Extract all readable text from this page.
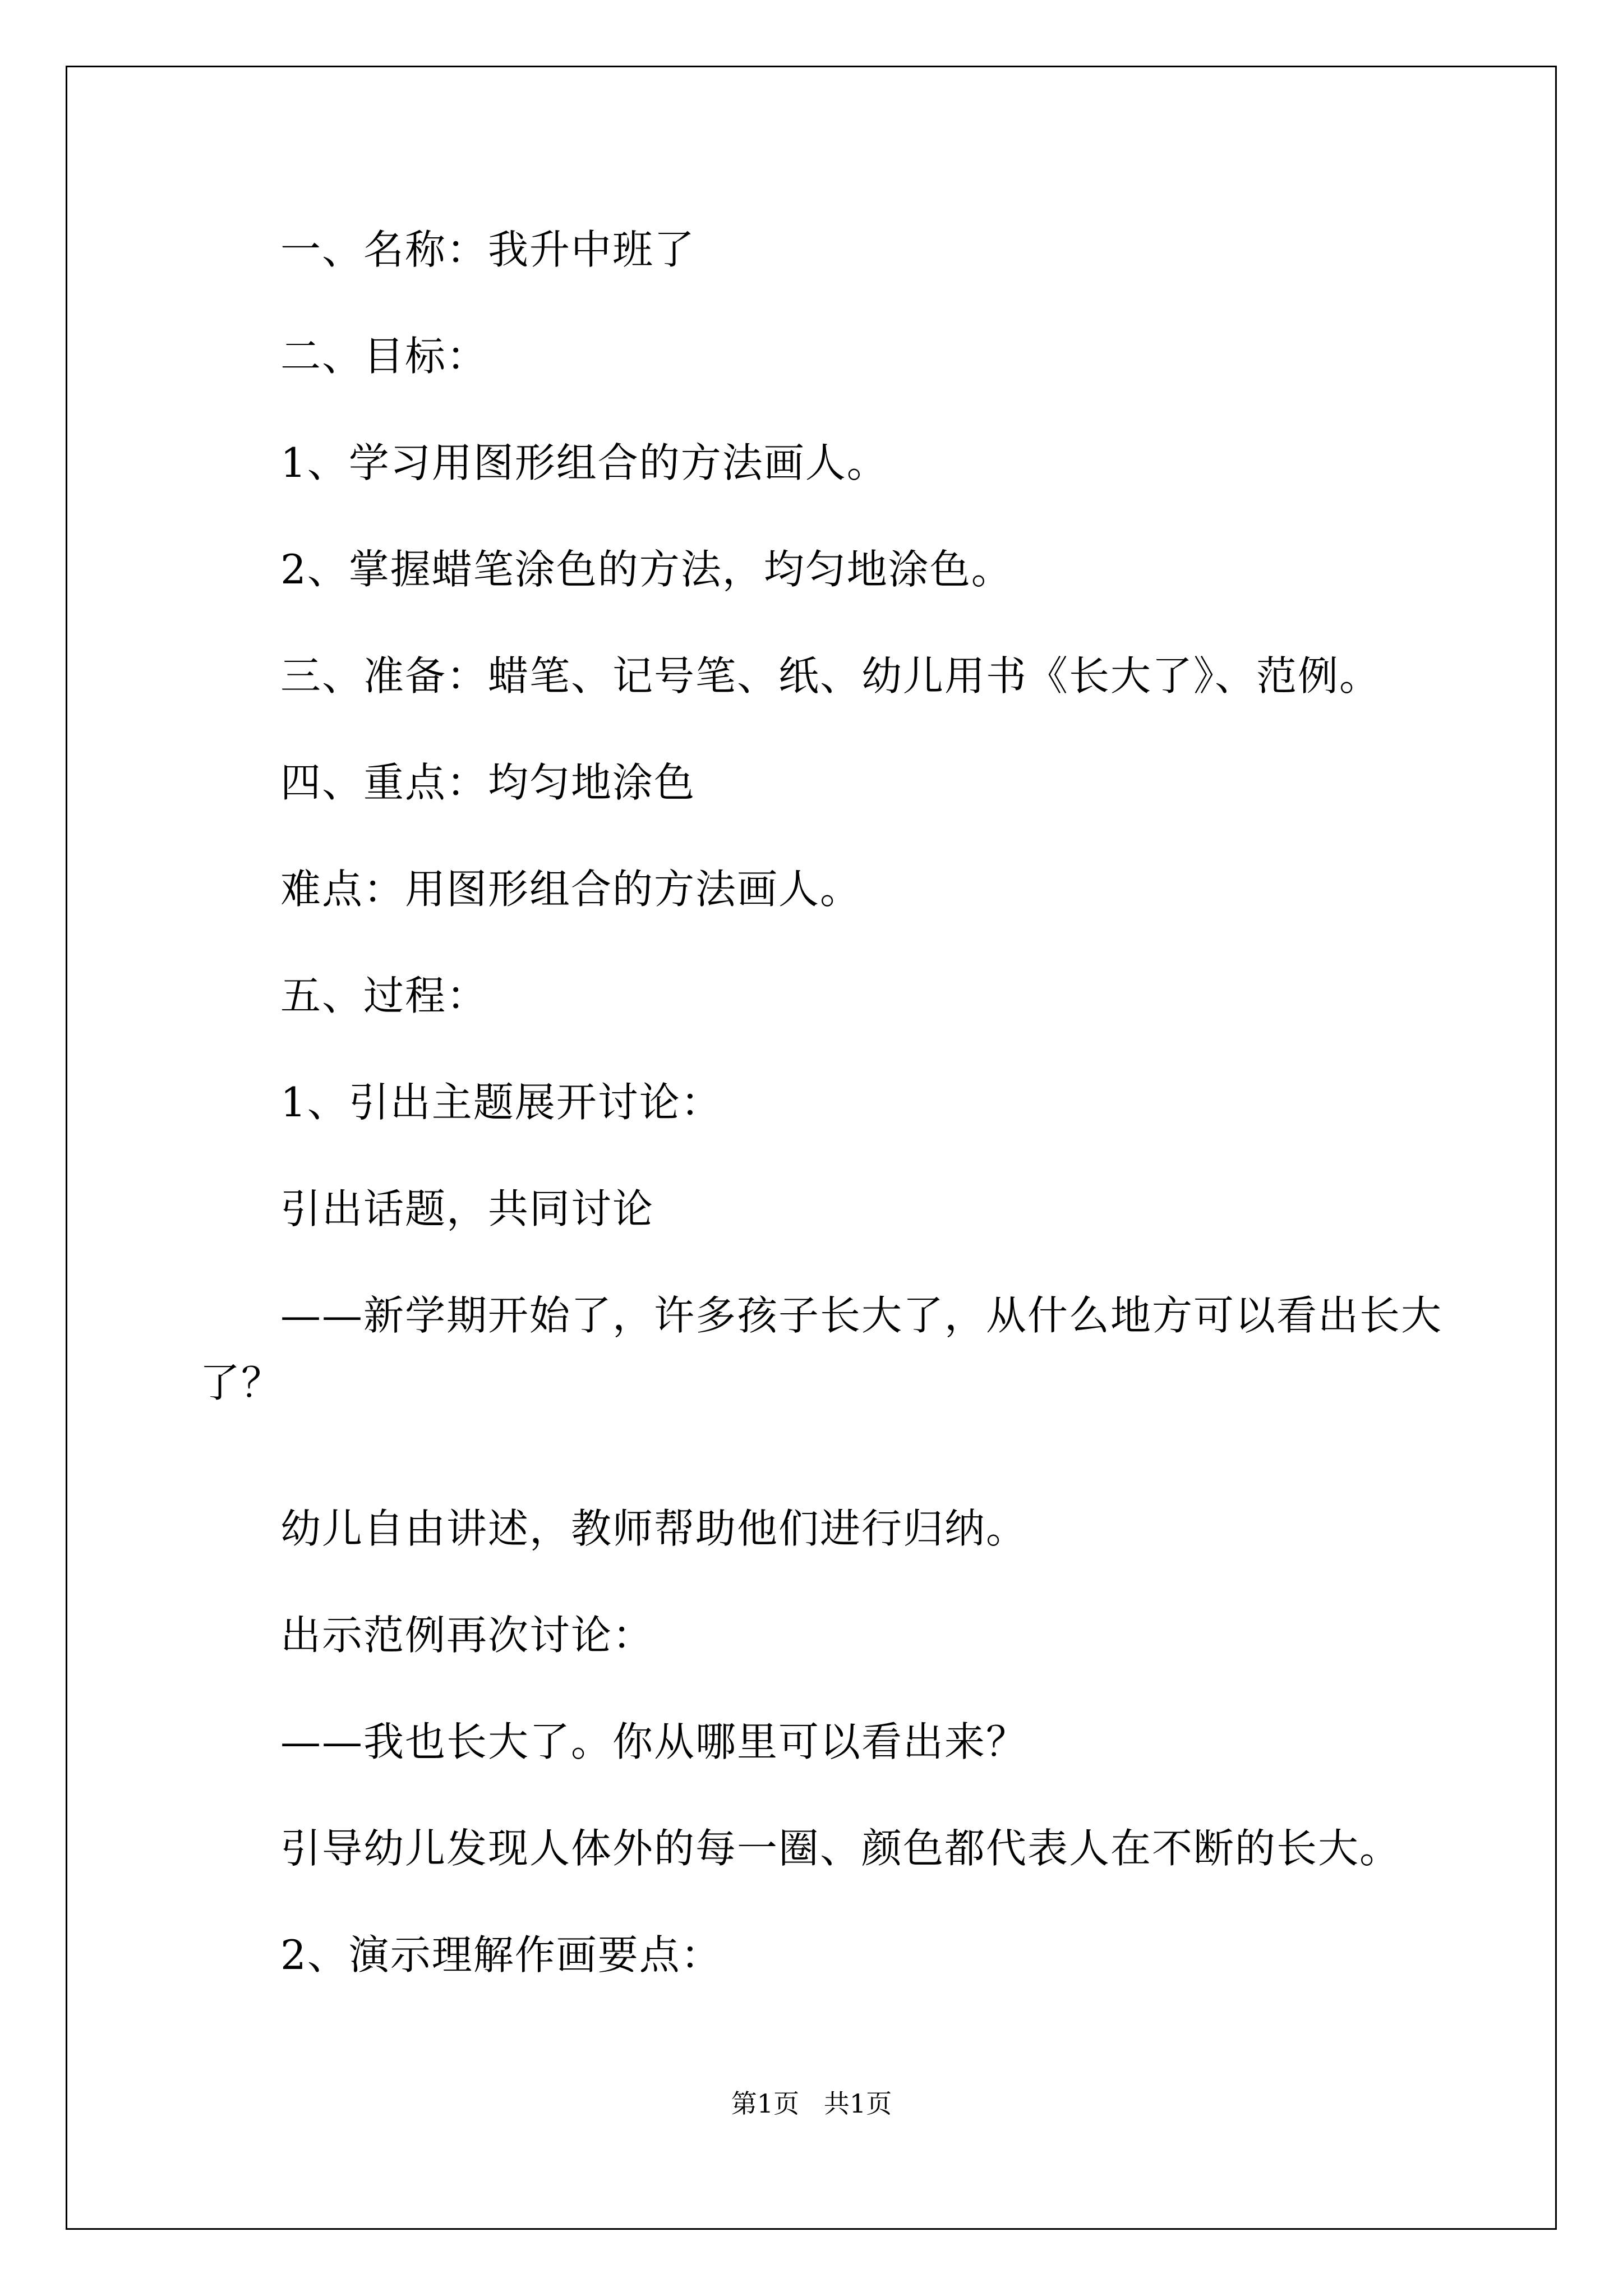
一、名称：我升中班了
二、目标：
1、学习用图形组合的方法画人。
2、掌握蜡笔涂色的方法，均匀地涂色。
三、准备：蜡笔、记号笔、纸、幼儿用书《长大了》、范例。
四、重点：均匀地涂色
难点：用图形组合的方法画人。
五、过程：
1、引出主题展开讨论：
引出话题，共同讨论
——新学期开始了，许多孩子长大了，从什么地方可以看出长大
了？
幼儿自由讲述，教师帮助他们进行归纳。
出示范例再次讨论：
——我也长大了。你从哪里可以看出来？
引导幼儿发现人体外的每一圈、颜色都代表人在不断的长大。
2、演示理解作画要点：
第1页   共1页
